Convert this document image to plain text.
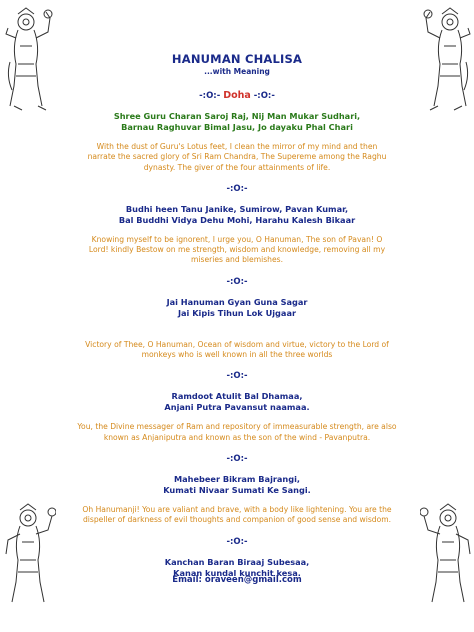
HANUMAN CHALISA

...with Meaning

-:O:- Doha -:O:-

Shree Guru Charan Saroj Raj, Nij Man Mukar Sudhari,

Barnau Raghuvar Bimal Jasu, Jo dayaku Phal Chari

With the dust of Guru's Lotus feet, I clean the mirror of my mind and then

narrate the sacred glory of Sri Ram Chandra, The Supereme among the Raghu

dynasty. The giver of the four attainments of life.

-:O:-

Budhi heen Tanu Janike, Sumirow, Pavan Kumar,

Bal Buddhi Vidya Dehu Mohi, Harahu Kalesh Bikaar

Knowing myself to be ignorent, I urge you, O Hanuman, The son of Pavan! O

Lord! kindly Bestow on me strength, wisdom and knowledge, removing all my

miseries and blemishes.

-:O:-

Jai Hanuman Gyan Guna Sagar

Jai Kipis Tihun Lok Ujgaar

Victory of Thee, O Hanuman, Ocean of wisdom and virtue, victory to the Lord of

monkeys who is well known in all the three worlds

-:O:-

Ramdoot Atulit Bal Dhamaa,

Anjani Putra Pavansut naamaa.

You, the Divine messager of Ram and repository of immeasurable strength, are also

known as Anjaniputra and known as the son of the wind - Pavanputra.

-:O:-

Mahebeer Bikram Bajrangi,

Kumati Nivaar Sumati Ke Sangi.

Oh Hanumanji! You are valiant and brave, with a body like lightening. You are the

dispeller of darkness of evil thoughts and companion of good sense and wisdom.

-:O:-

Kanchan Baran Biraaj Subesaa,

Kanan kundal kunchit kesa.

Email: oraveen@gmail.com
